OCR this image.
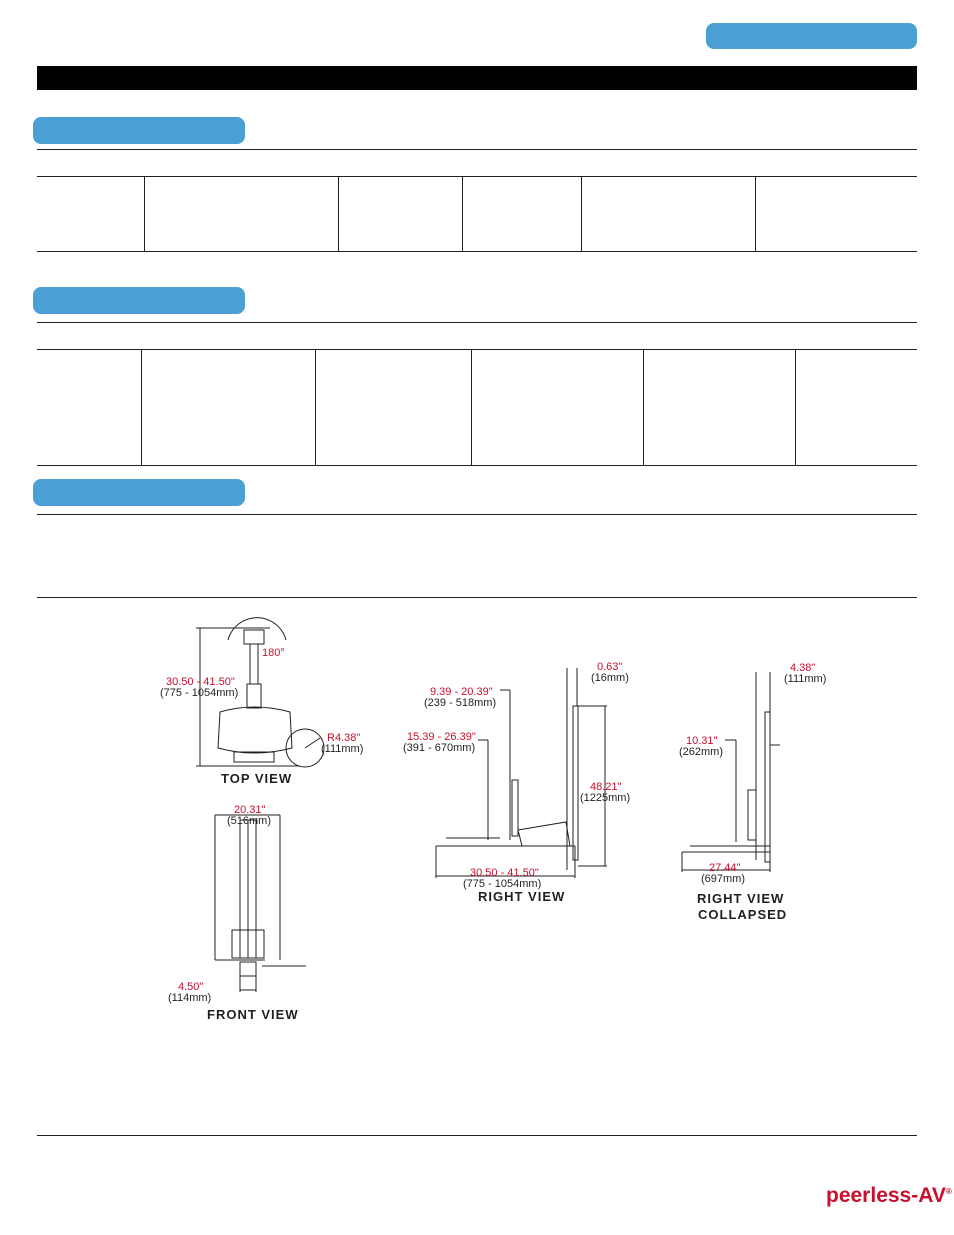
180°
30.50 - 41.50"
(775 - 1054mm)
R4.38"
(111mm)
TOP VIEW
20.31"
(516mm)
4.50"
(114mm)
FRONT VIEW
9.39 - 20.39"
(239 - 518mm)
15.39 - 26.39"
(391 - 670mm)
0.63"
(16mm)
48.21"
(1225mm)
30.50 - 41.50"
(775 - 1054mm)
RIGHT VIEW
4.38"
(111mm)
10.31"
(262mm)
27.44"
(697mm)
RIGHT VIEW
COLLAPSED
peerless-AV®
